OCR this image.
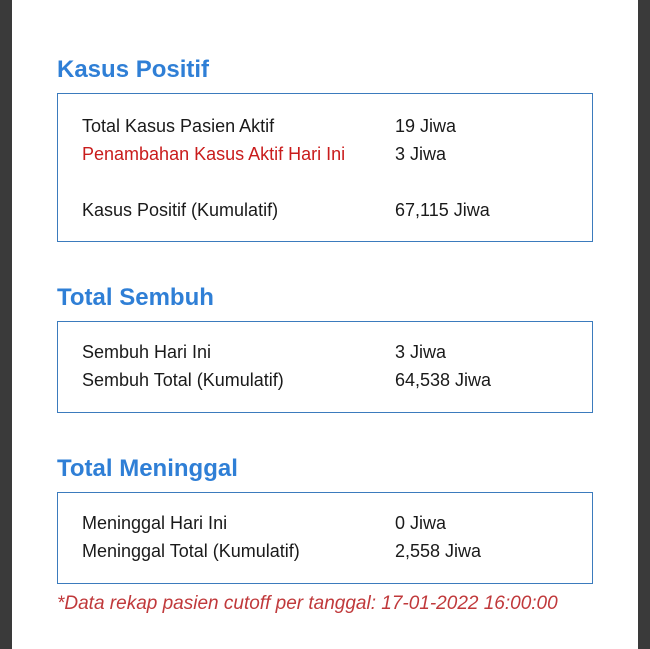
Kasus Positif
Total Kasus Pasien Aktif	19 Jiwa
Penambahan Kasus Aktif Hari Ini	3 Jiwa
Kasus Positif (Kumulatif)	67,115 Jiwa
Total Sembuh
Sembuh Hari Ini	3 Jiwa
Sembuh Total (Kumulatif)	64,538 Jiwa
Total Meninggal
Meninggal Hari Ini	0 Jiwa
Meninggal Total (Kumulatif)	2,558 Jiwa
*Data rekap pasien cutoff per tanggal: 17-01-2022 16:00:00
